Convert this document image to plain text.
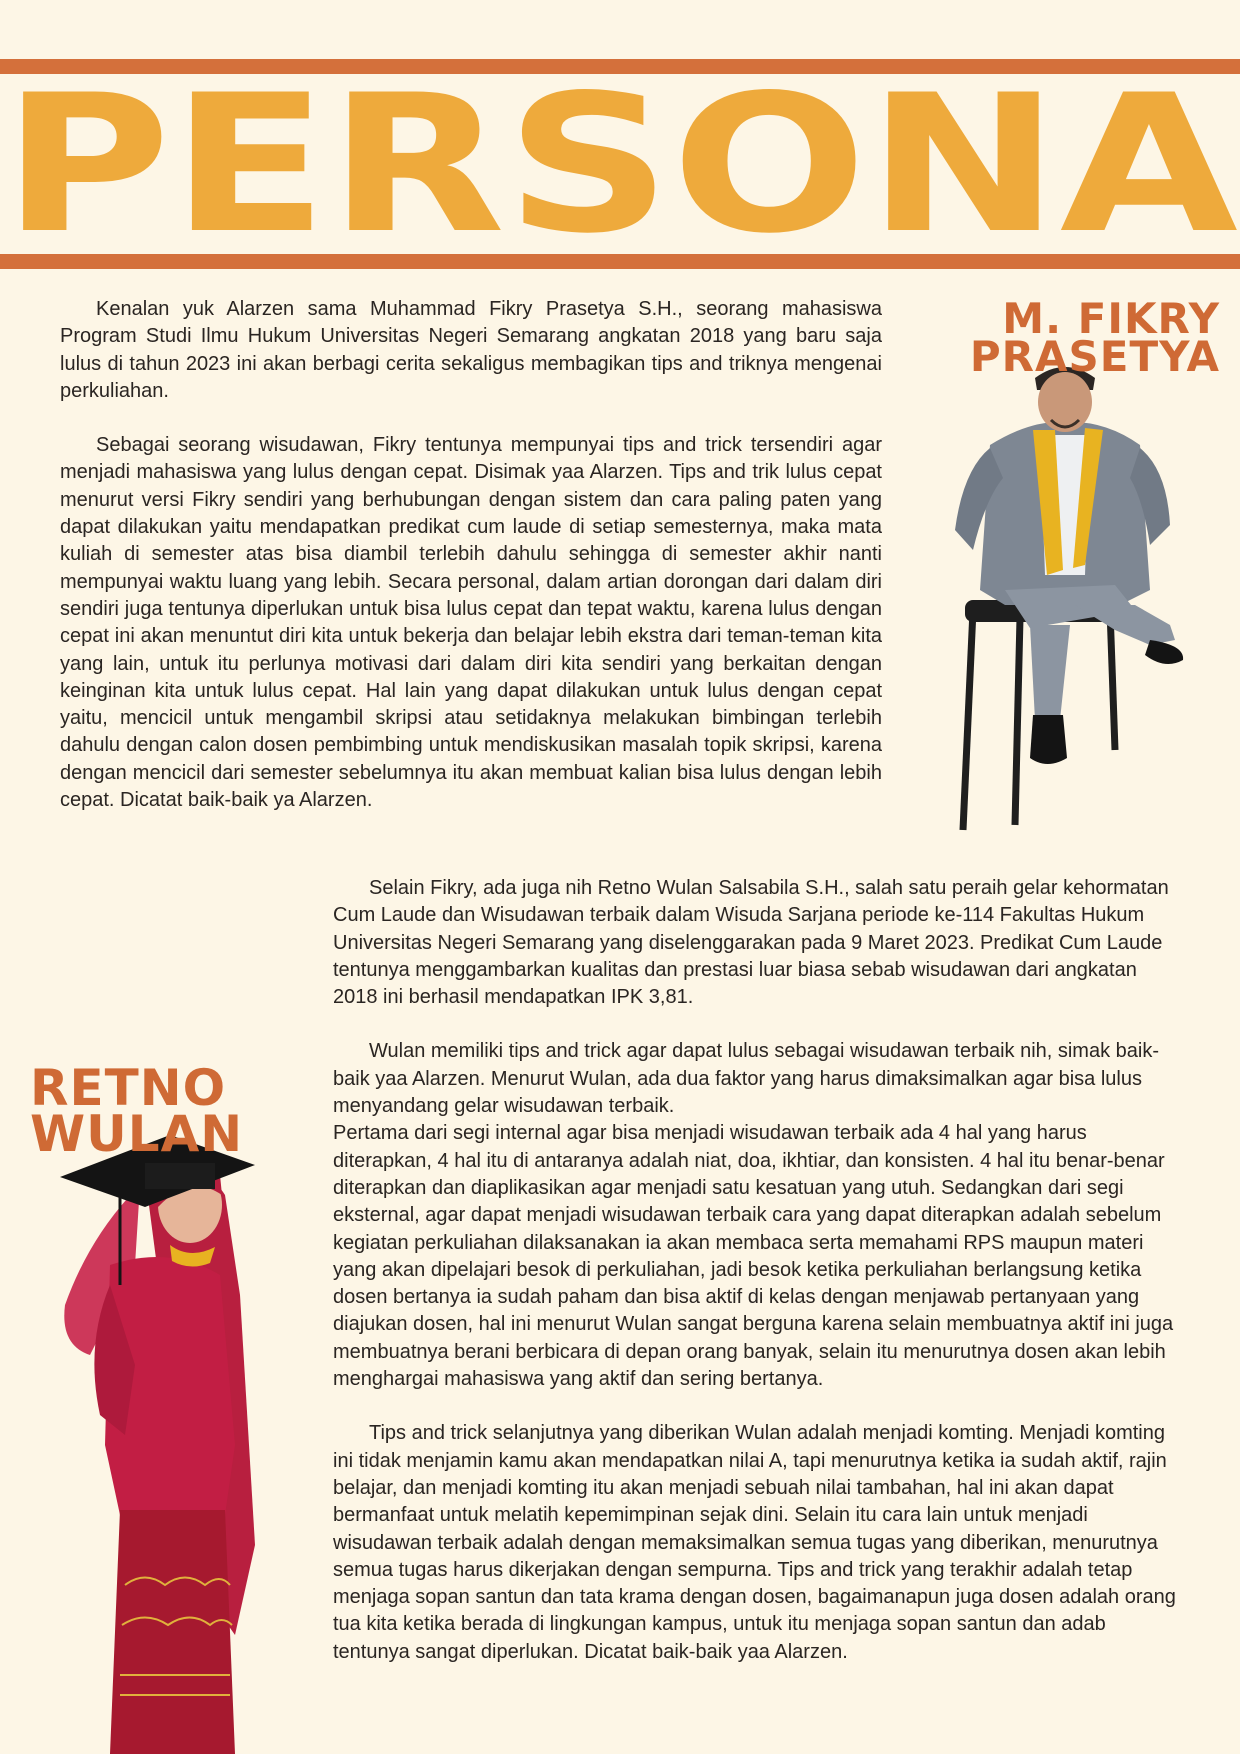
PERSONA

Kenalan yuk Alarzen sama Muhammad Fikry Prasetya S.H., seorang mahasiswa Program Studi Ilmu Hukum Universitas Negeri Semarang angkatan 2018 yang baru saja lulus di tahun 2023 ini akan berbagi cerita sekaligus membagikan tips and triknya mengenai perkuliahan.

Sebagai seorang wisudawan, Fikry tentunya mempunyai tips and trick tersendiri agar menjadi mahasiswa yang lulus dengan cepat. Disimak yaa Alarzen. Tips and trik lulus cepat menurut versi Fikry sendiri yang berhubungan dengan sistem dan cara paling paten yang dapat dilakukan yaitu mendapatkan predikat cum laude di setiap semesternya, maka mata kuliah di semester atas bisa diambil terlebih dahulu sehingga di semester akhir nanti mempunyai waktu luang yang lebih. Secara personal, dalam artian dorongan dari dalam diri sendiri juga tentunya diperlukan untuk bisa lulus cepat dan tepat waktu, karena lulus dengan cepat ini akan menuntut diri kita untuk bekerja dan belajar lebih ekstra dari teman-teman kita yang lain, untuk itu perlunya motivasi dari dalam diri kita sendiri yang berkaitan dengan keinginan kita untuk lulus cepat. Hal lain yang dapat dilakukan untuk lulus dengan cepat yaitu, mencicil untuk mengambil skripsi atau setidaknya melakukan bimbingan terlebih dahulu dengan calon dosen pembimbing untuk mendiskusikan masalah topik skripsi, karena dengan mencicil dari semester sebelumnya itu akan membuat kalian bisa lulus dengan lebih cepat. Dicatat baik-baik ya Alarzen.

M. FIKRY
PRASETYA

Selain Fikry, ada juga nih Retno Wulan Salsabila S.H., salah satu peraih gelar kehormatan Cum Laude dan Wisudawan terbaik dalam Wisuda Sarjana periode ke-114 Fakultas Hukum Universitas Negeri Semarang yang diselenggarakan pada 9 Maret 2023. Predikat Cum Laude tentunya menggambarkan kualitas dan prestasi luar biasa sebab wisudawan dari angkatan 2018 ini berhasil mendapatkan IPK 3,81.

Wulan memiliki tips and trick agar dapat lulus sebagai wisudawan terbaik nih, simak baik-baik yaa Alarzen. Menurut Wulan, ada dua faktor yang harus dimaksimalkan agar bisa lulus menyandang gelar wisudawan terbaik.

Pertama dari segi internal agar bisa menjadi wisudawan terbaik ada 4 hal yang harus diterapkan, 4 hal itu di antaranya adalah niat, doa, ikhtiar, dan konsisten. 4 hal itu benar-benar diterapkan dan diaplikasikan agar menjadi satu kesatuan yang utuh. Sedangkan dari segi eksternal, agar dapat menjadi wisudawan terbaik cara yang dapat diterapkan adalah sebelum kegiatan perkuliahan dilaksanakan ia akan membaca serta memahami RPS maupun materi yang akan dipelajari besok di perkuliahan, jadi besok ketika perkuliahan berlangsung ketika dosen bertanya ia sudah paham dan bisa aktif di kelas dengan menjawab pertanyaan yang diajukan dosen, hal ini menurut Wulan sangat berguna karena selain membuatnya aktif ini juga membuatnya berani berbicara di depan orang banyak, selain itu menurutnya dosen akan lebih menghargai mahasiswa yang aktif dan sering bertanya.

Tips and trick selanjutnya yang diberikan Wulan adalah menjadi komting. Menjadi komting ini tidak menjamin kamu akan mendapatkan nilai A, tapi menurutnya ketika ia sudah aktif, rajin belajar, dan menjadi komting itu akan menjadi sebuah nilai tambahan, hal ini akan dapat bermanfaat untuk melatih kepemimpinan sejak dini. Selain itu cara lain untuk menjadi wisudawan terbaik adalah dengan memaksimalkan semua tugas yang diberikan, menurutnya semua tugas harus dikerjakan dengan sempurna. Tips and trick yang terakhir adalah tetap menjaga sopan santun dan tata krama dengan dosen, bagaimanapun juga dosen adalah orang tua kita ketika berada di lingkungan kampus, untuk itu menjaga sopan santun dan adab tentunya sangat diperlukan. Dicatat baik-baik yaa Alarzen.

RETNO
WULAN
